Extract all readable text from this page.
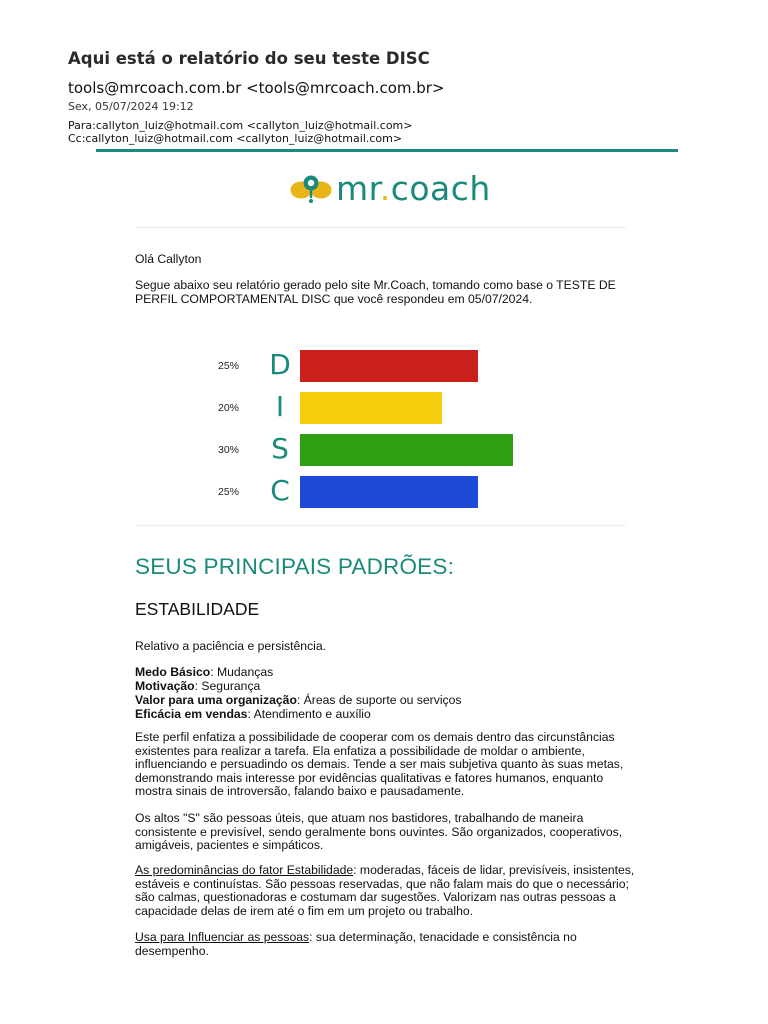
Aqui está o relatório do seu teste DISC
tools@mrcoach.com.br <tools@mrcoach.com.br>
Sex, 05/07/2024 19:12
Para:callyton_luiz@hotmail.com <callyton_luiz@hotmail.com>
Cc:callyton_luiz@hotmail.com <callyton_luiz@hotmail.com>
mr.coach
Olá Callyton
Segue abaixo seu relatório gerado pelo site Mr.Coach, tomando como base o TESTE DE PERFIL COMPORTAMENTAL DISC que você respondeu em 05/07/2024.
25%	D
20%	I
30%	S
25%	C
SEUS PRINCIPAIS PADRÕES:
ESTABILIDADE
Relativo a paciência e persistência.
Medo Básico: Mudanças
Motivação: Segurança
Valor para uma organização: Áreas de suporte ou serviços
Eficácia em vendas: Atendimento e auxílio
Este perfil enfatiza a possibilidade de cooperar com os demais dentro das circunstâncias existentes para realizar a tarefa. Ela enfatiza a possibilidade de moldar o ambiente, influenciando e persuadindo os demais. Tende a ser mais subjetiva quanto às suas metas, demonstrando mais interesse por evidências qualitativas e fatores humanos, enquanto mostra sinais de introversão, falando baixo e pausadamente.
Os altos "S" são pessoas úteis, que atuam nos bastidores, trabalhando de maneira consistente e previsível, sendo geralmente bons ouvintes. São organizados, cooperativos, amigáveis, pacientes e simpáticos.
As predominâncias do fator Estabilidade: moderadas, fáceis de lidar, previsíveis, insistentes, estáveis e continuístas. São pessoas reservadas, que não falam mais do que o necessário; são calmas, questionadoras e costumam dar sugestões. Valorizam nas outras pessoas a capacidade delas de irem até o fim em um projeto ou trabalho.
Usa para Influenciar as pessoas: sua determinação, tenacidade e consistência no desempenho.
